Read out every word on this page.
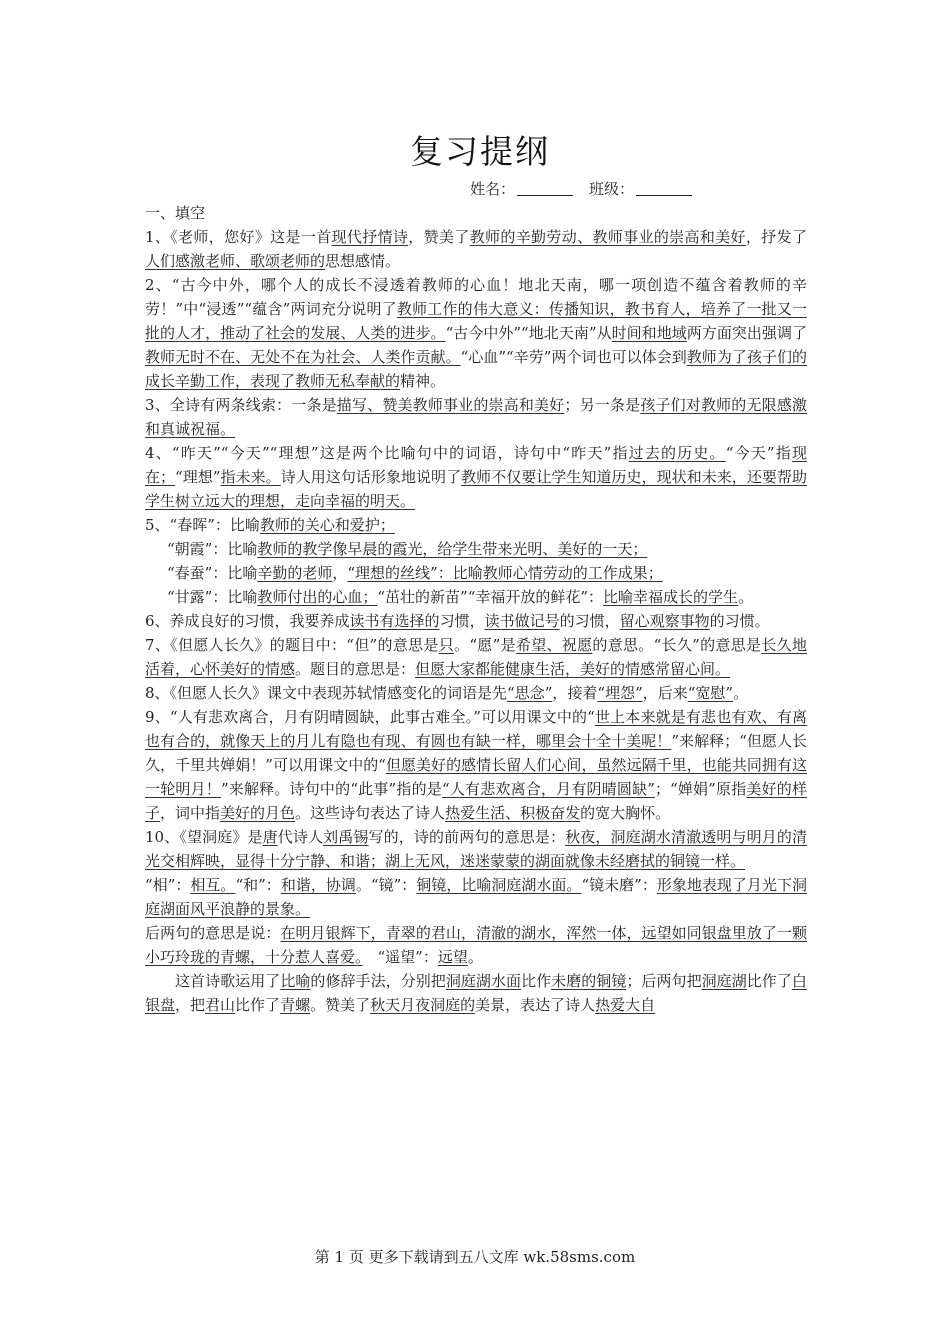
复习提纲
姓名：	班级：

一、填空

1、《老师，您好》这是一首现代抒情诗，赞美了教师的辛勤劳动、教师事业的崇高和美好，抒发了人们感激老师、歌颂老师的思想感情。

2、“古今中外，哪个人的成长不浸透着教师的心血！地北天南，哪一项创造不蕴含着教师的辛劳！”中“浸透”“蕴含”两词充分说明了教师工作的伟大意义：传播知识，教书育人，培养了一批又一批的人才，推动了社会的发展、人类的进步。“古今中外”“地北天南”从时间和地域两方面突出强调了教师无时不在、无处不在为社会、人类作贡献。“心血”“辛劳”两个词也可以体会到教师为了孩子们的成长辛勤工作，表现了教师无私奉献的精神。

3、全诗有两条线索：一条是描写、赞美教师事业的崇高和美好；另一条是孩子们对教师的无限感激和真诚祝福。

4、“昨天”“今天”“理想”这是两个比喻句中的词语，诗句中“昨天”指过去的历史。“今天”指现在；“理想”指未来。诗人用这句话形象地说明了教师不仅要让学生知道历史，现状和未来，还要帮助学生树立远大的理想，走向幸福的明天。

5、“春晖”：比喻教师的关心和爱护；

“朝霞”：比喻教师的教学像早晨的霞光，给学生带来光明、美好的一天；

“春蚕”：比喻辛勤的老师，“理想的丝线”：比喻教师心情劳动的工作成果；

“甘露”：比喻教师付出的心血；“茁壮的新苗”“幸福开放的鲜花”：比喻幸福成长的学生。

6、养成良好的习惯，我要养成读书有选择的习惯，读书做记号的习惯，留心观察事物的习惯。

7、《但愿人长久》的题目中：“但”的意思是只。“愿”是希望、祝愿的意思。“长久”的意思是长久地活着，心怀美好的情感。题目的意思是：但愿大家都能健康生活，美好的情感常留心间。

8、《但愿人长久》课文中表现苏轼情感变化的词语是先“思念”，接着“埋怨”，后来“宽慰”。

9、“人有悲欢离合，月有阴晴圆缺，此事古难全。”可以用课文中的“世上本来就是有悲也有欢、有离也有合的，就像天上的月儿有隐也有现、有圆也有缺一样，哪里会十全十美呢！”来解释；“但愿人长久，千里共婵娟！”可以用课文中的“但愿美好的感情长留人们心间，虽然远隔千里，也能共同拥有这一轮明月！”来解释。诗句中的“此事”指的是“人有悲欢离合，月有阴晴圆缺”；“婵娟”原指美好的样子，词中指美好的月色。这些诗句表达了诗人热爱生活、积极奋发的宽大胸怀。

10、《望洞庭》是唐代诗人刘禹锡写的，诗的前两句的意思是：秋夜，洞庭湖水清澈透明与明月的清光交相辉映，显得十分宁静、和谐；湖上无风，迷迷蒙蒙的湖面就像未经磨拭的铜镜一样。

“相”：相互。“和”：和谐，协调。“镜”：铜镜，比喻洞庭湖水面。“镜未磨”：形象地表现了月光下洞庭湖面风平浪静的景象。

后两句的意思是说：在明月银辉下，青翠的君山，清澈的湖水，浑然一体，远望如同银盘里放了一颗小巧玲珑的青螺，十分惹人喜爱。　“遥望”：远望。

这首诗歌运用了比喻的修辞手法，分别把洞庭湖水面比作未磨的铜镜；后两句把洞庭湖比作了白银盘，把君山比作了青螺。赞美了秋天月夜洞庭的美景，表达了诗人热爱大自

第 1 页 更多下载请到五八文库 wk.58sms.com
